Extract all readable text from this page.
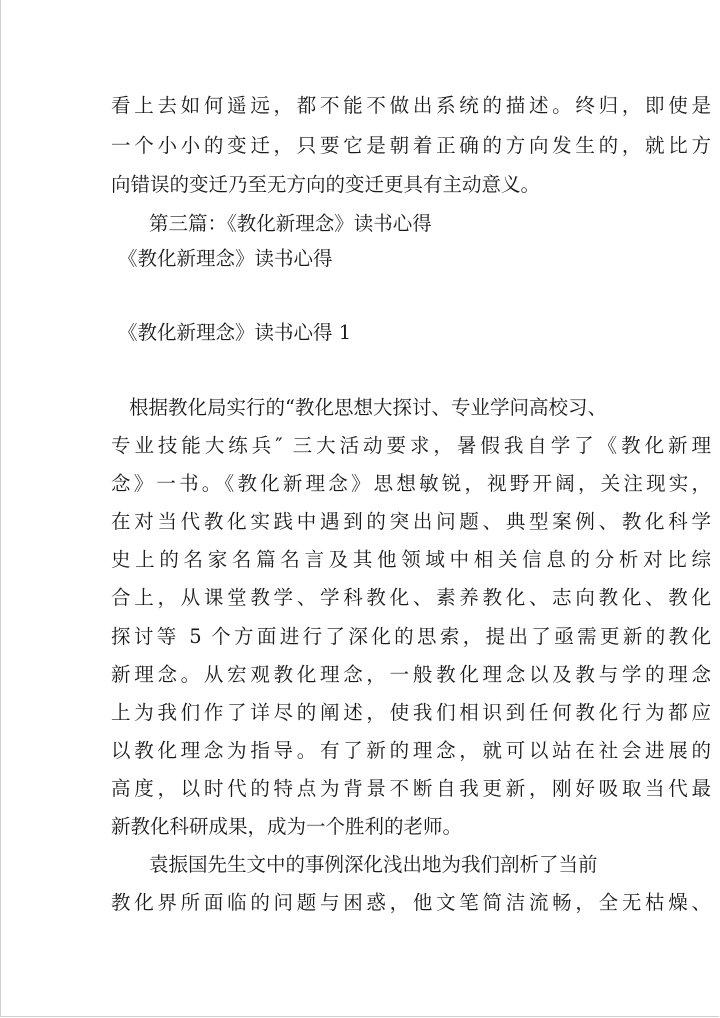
看上去如何遥远，都不能不做出系统的描述。终归，即使是
一个小小的变迁，只要它是朝着正确的方向发生的，就比方
向错误的变迁乃至无方向的变迁更具有主动意义。
第三篇：《教化新理念》读书心得
《教化新理念》读书心得
《教化新理念》读书心得 1
根据教化局实行的“教化思想大探讨、专业学问高校习、
专业技能大练兵″ 三大活动要求，暑假我自学了《教化新理
念》一书。《教化新理念》思想敏锐，视野开阔，关注现实，
在对当代教化实践中遇到的突出问题、典型案例、教化科学
史上的名家名篇名言及其他领域中相关信息的分析对比综
合上，从课堂教学、学科教化、素养教化、志向教化、教化
探讨等 5 个方面进行了深化的思索，提出了亟需更新的教化
新理念。从宏观教化理念，一般教化理念以及教与学的理念
上为我们作了详尽的阐述，使我们相识到任何教化行为都应
以教化理念为指导。有了新的理念，就可以站在社会进展的
高度，以时代的特点为背景不断自我更新，刚好吸取当代最
新教化科研成果，成为一个胜利的老师。
袁振国先生文中的事例深化浅出地为我们剖析了当前
教化界所面临的问题与困惑，他文笔简洁流畅，全无枯燥、
